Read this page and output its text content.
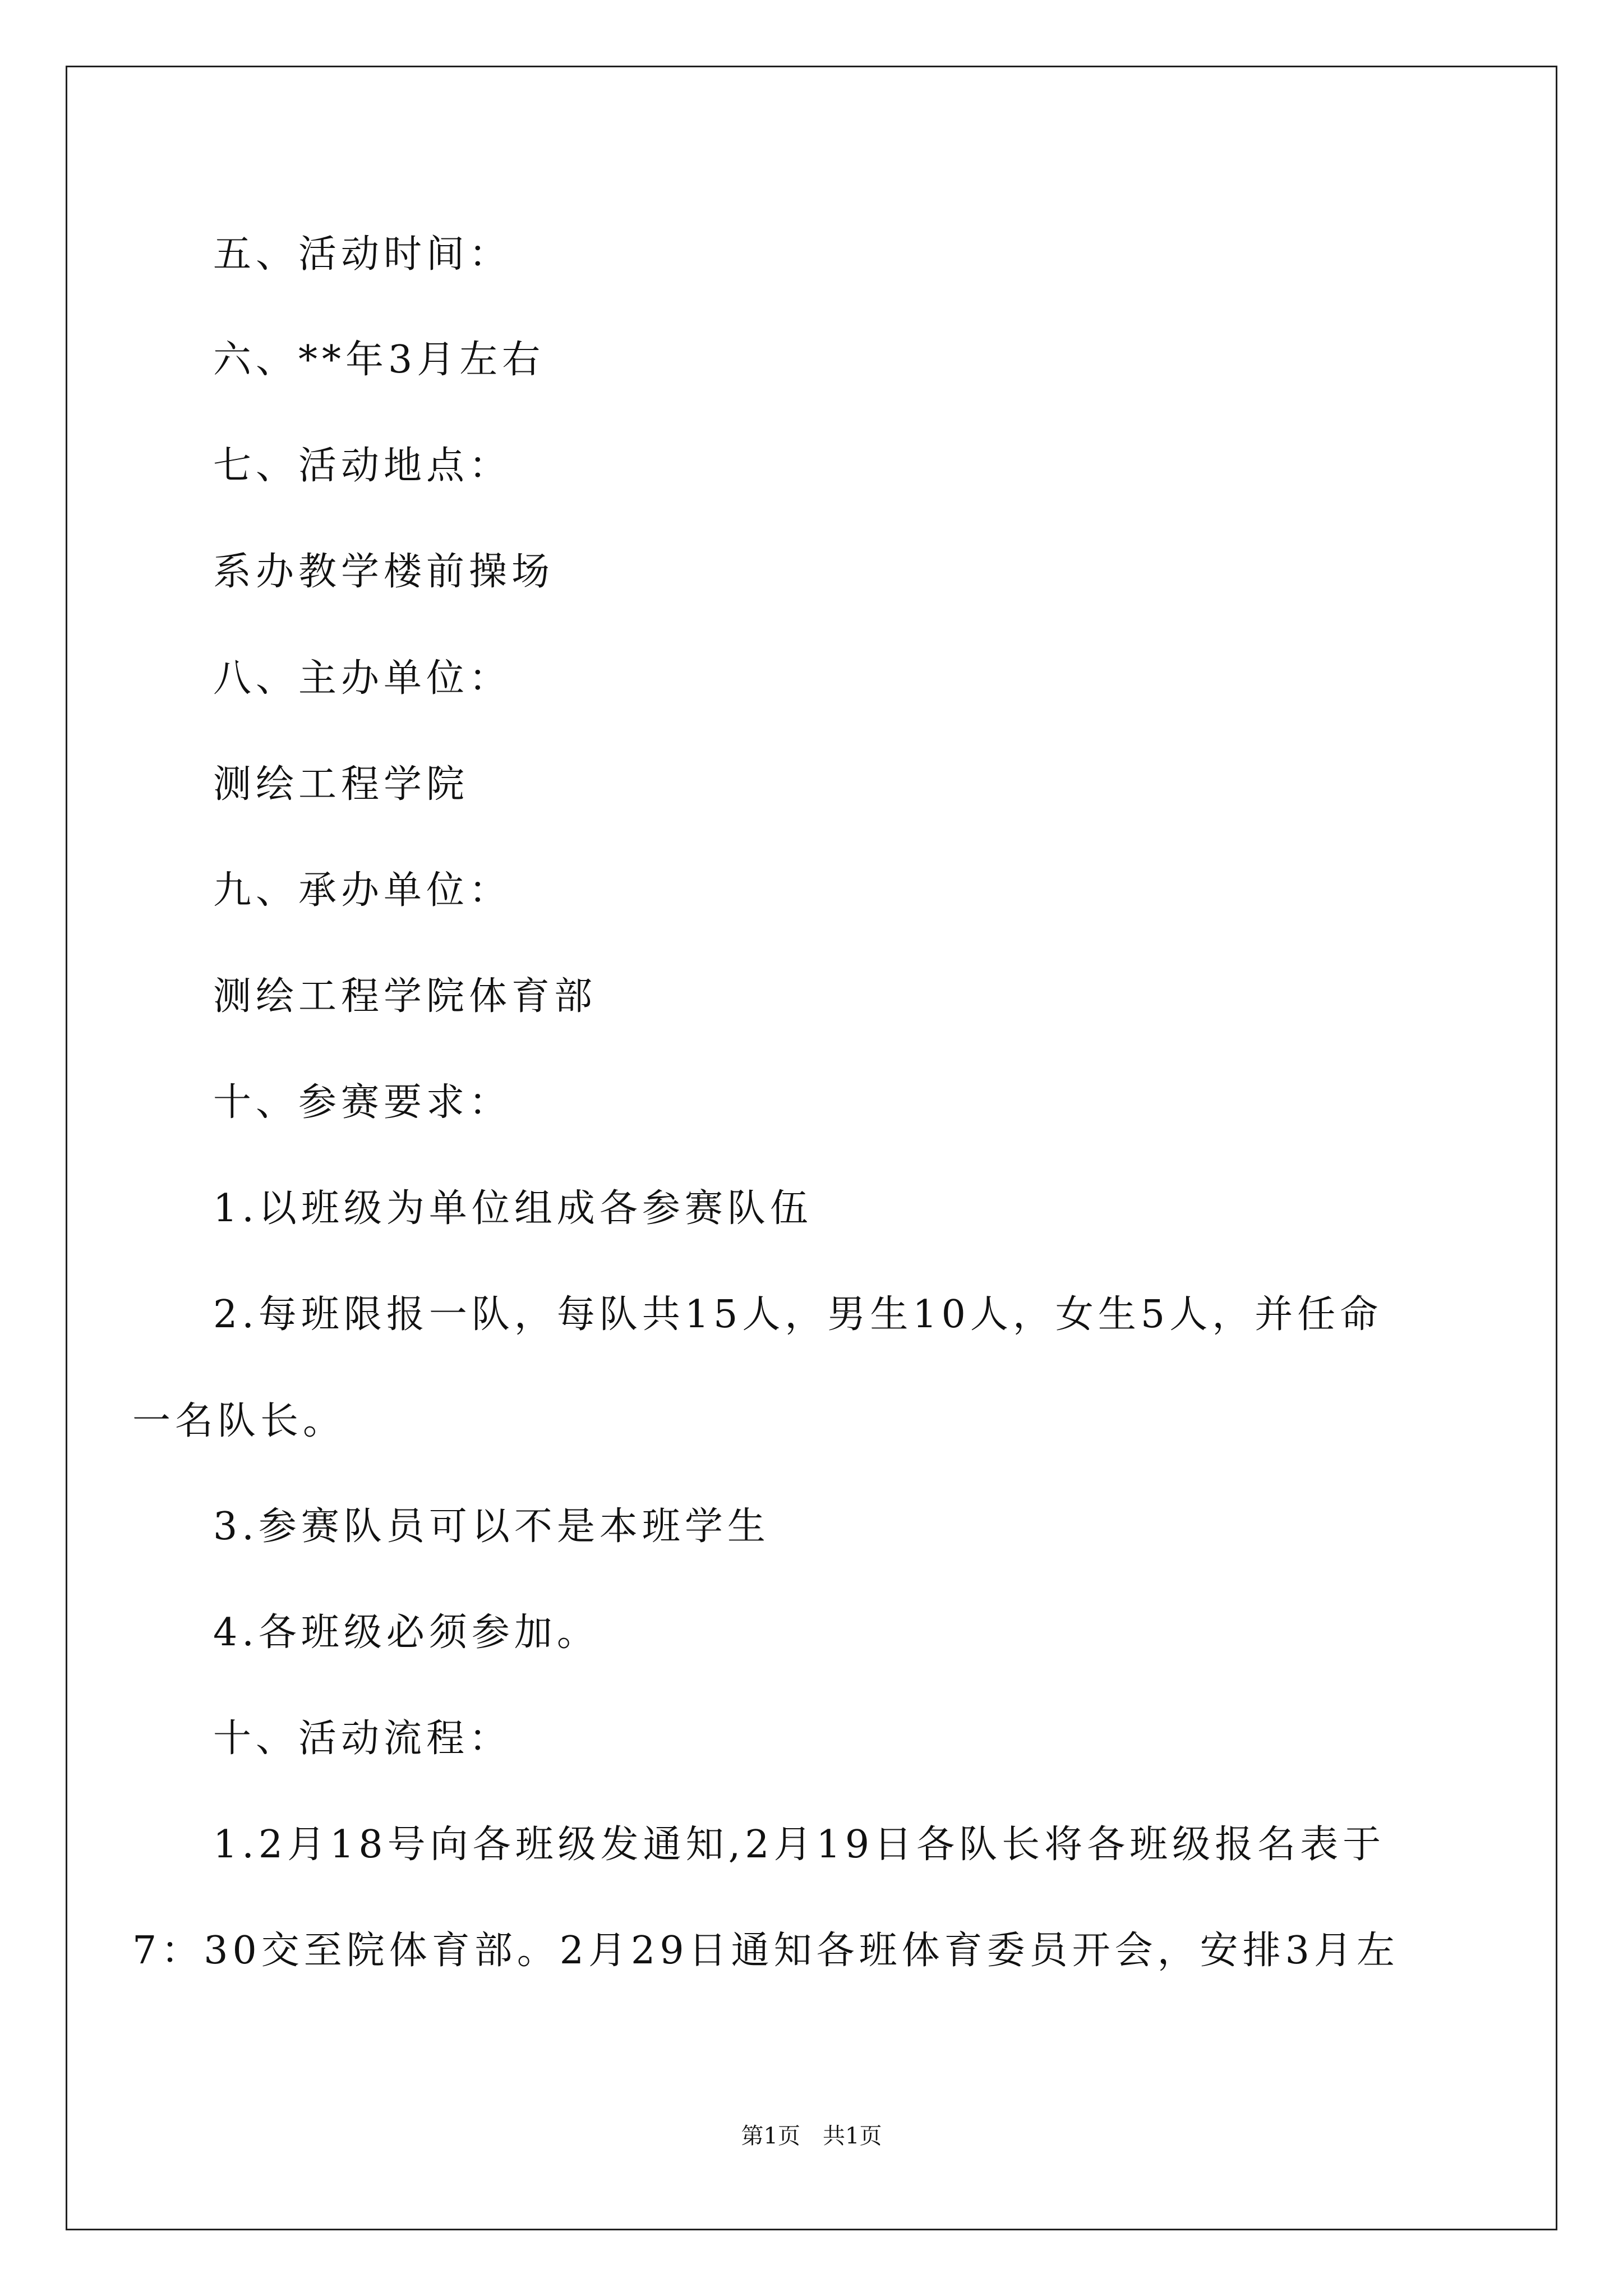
五、活动时间：
六、**年3月左右
七、活动地点：
系办教学楼前操场
八、主办单位：
测绘工程学院
九、承办单位：
测绘工程学院体育部
十、参赛要求：
1.以班级为单位组成各参赛队伍
2.每班限报一队，每队共15人，男生10人，女生5人，并任命
一名队长。
3.参赛队员可以不是本班学生
4.各班级必须参加。
十、活动流程：
1.2月18号向各班级发通知,2月19日各队长将各班级报名表于
7：30交至院体育部。2月29日通知各班体育委员开会，安排3月左
第1页　共1页
